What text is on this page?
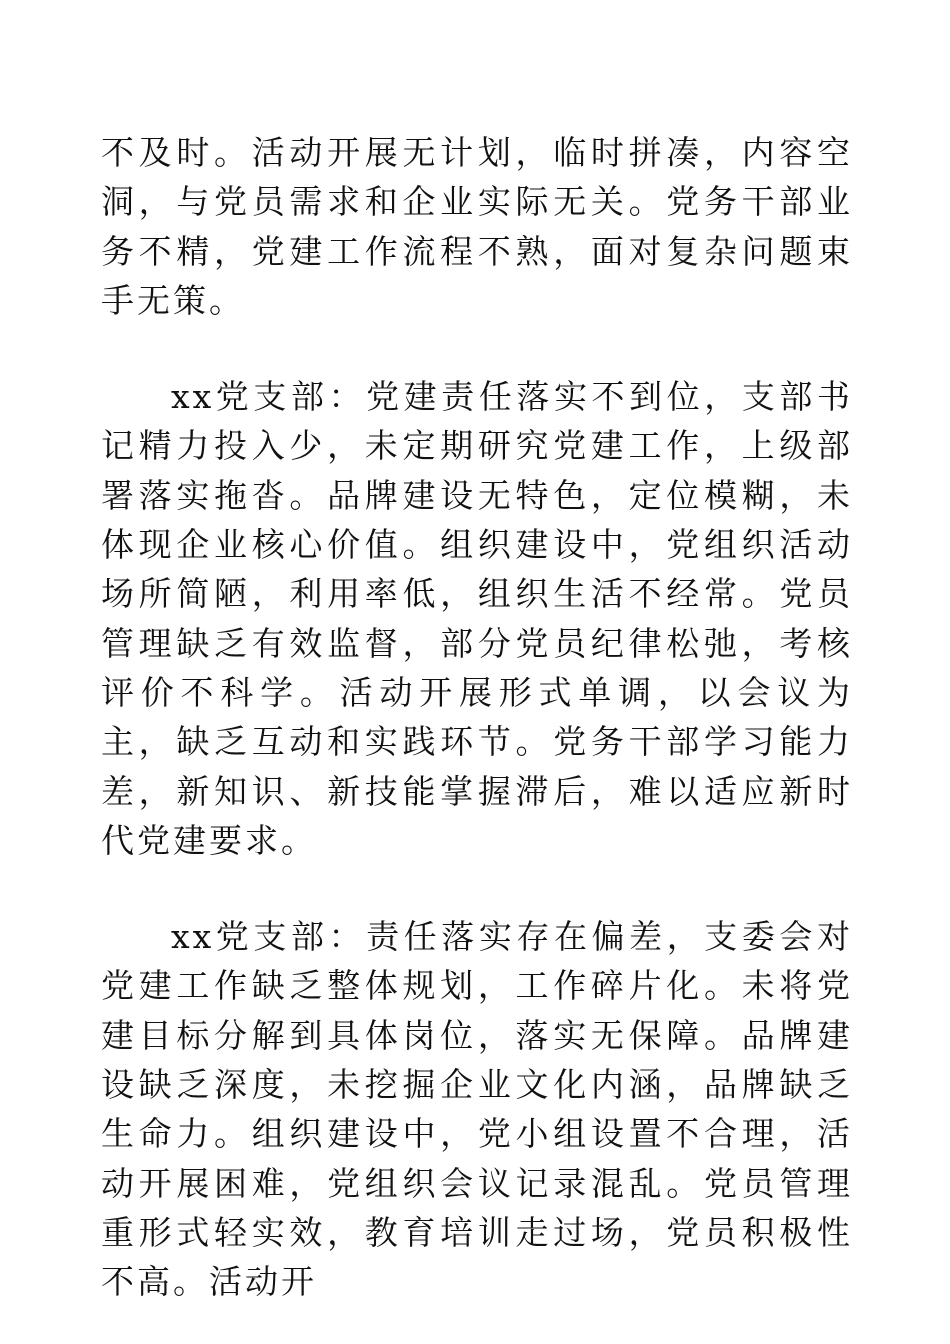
不及时。活动开展无计划，临时拼凑，内容空洞，与党员需求和企业实际无关。党务干部业务不精，党建工作流程不熟，面对复杂问题束手无策。

xx党支部：党建责任落实不到位，支部书记精力投入少，未定期研究党建工作，上级部署落实拖沓。品牌建设无特色，定位模糊，未体现企业核心价值。组织建设中，党组织活动场所简陋，利用率低，组织生活不经常。党员管理缺乏有效监督，部分党员纪律松弛，考核评价不科学。活动开展形式单调，以会议为主，缺乏互动和实践环节。党务干部学习能力差，新知识、新技能掌握滞后，难以适应新时代党建要求。

xx党支部：责任落实存在偏差，支委会对党建工作缺乏整体规划，工作碎片化。未将党建目标分解到具体岗位，落实无保障。品牌建设缺乏深度，未挖掘企业文化内涵，品牌缺乏生命力。组织建设中，党小组设置不合理，活动开展困难，党组织会议记录混乱。党员管理重形式轻实效，教育培训走过场，党员积极性不高。活动开
